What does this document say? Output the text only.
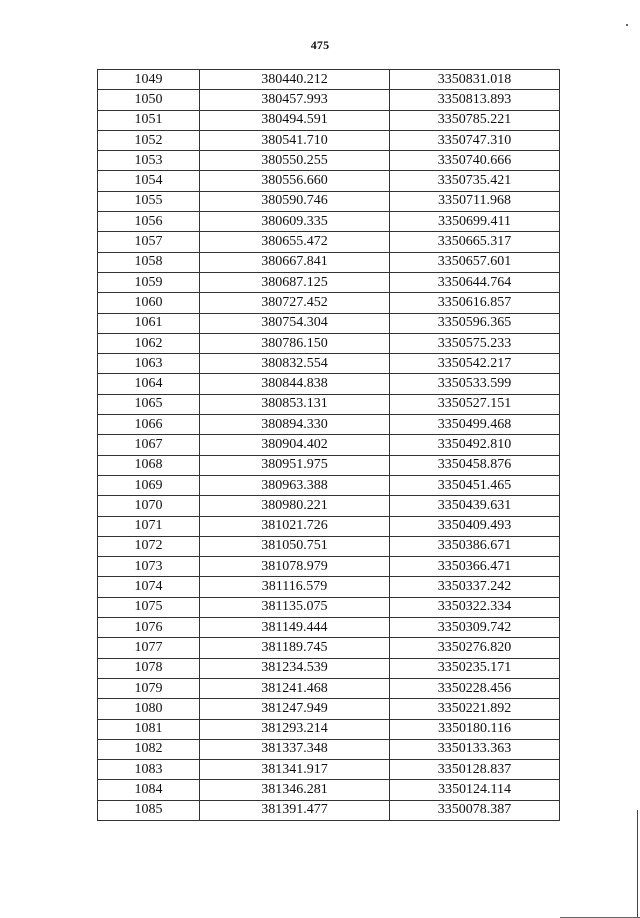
475
1049	380440.212	3350831.018
1050	380457.993	3350813.893
1051	380494.591	3350785.221
1052	380541.710	3350747.310
1053	380550.255	3350740.666
1054	380556.660	3350735.421
1055	380590.746	3350711.968
1056	380609.335	3350699.411
1057	380655.472	3350665.317
1058	380667.841	3350657.601
1059	380687.125	3350644.764
1060	380727.452	3350616.857
1061	380754.304	3350596.365
1062	380786.150	3350575.233
1063	380832.554	3350542.217
1064	380844.838	3350533.599
1065	380853.131	3350527.151
1066	380894.330	3350499.468
1067	380904.402	3350492.810
1068	380951.975	3350458.876
1069	380963.388	3350451.465
1070	380980.221	3350439.631
1071	381021.726	3350409.493
1072	381050.751	3350386.671
1073	381078.979	3350366.471
1074	381116.579	3350337.242
1075	381135.075	3350322.334
1076	381149.444	3350309.742
1077	381189.745	3350276.820
1078	381234.539	3350235.171
1079	381241.468	3350228.456
1080	381247.949	3350221.892
1081	381293.214	3350180.116
1082	381337.348	3350133.363
1083	381341.917	3350128.837
1084	381346.281	3350124.114
1085	381391.477	3350078.387
